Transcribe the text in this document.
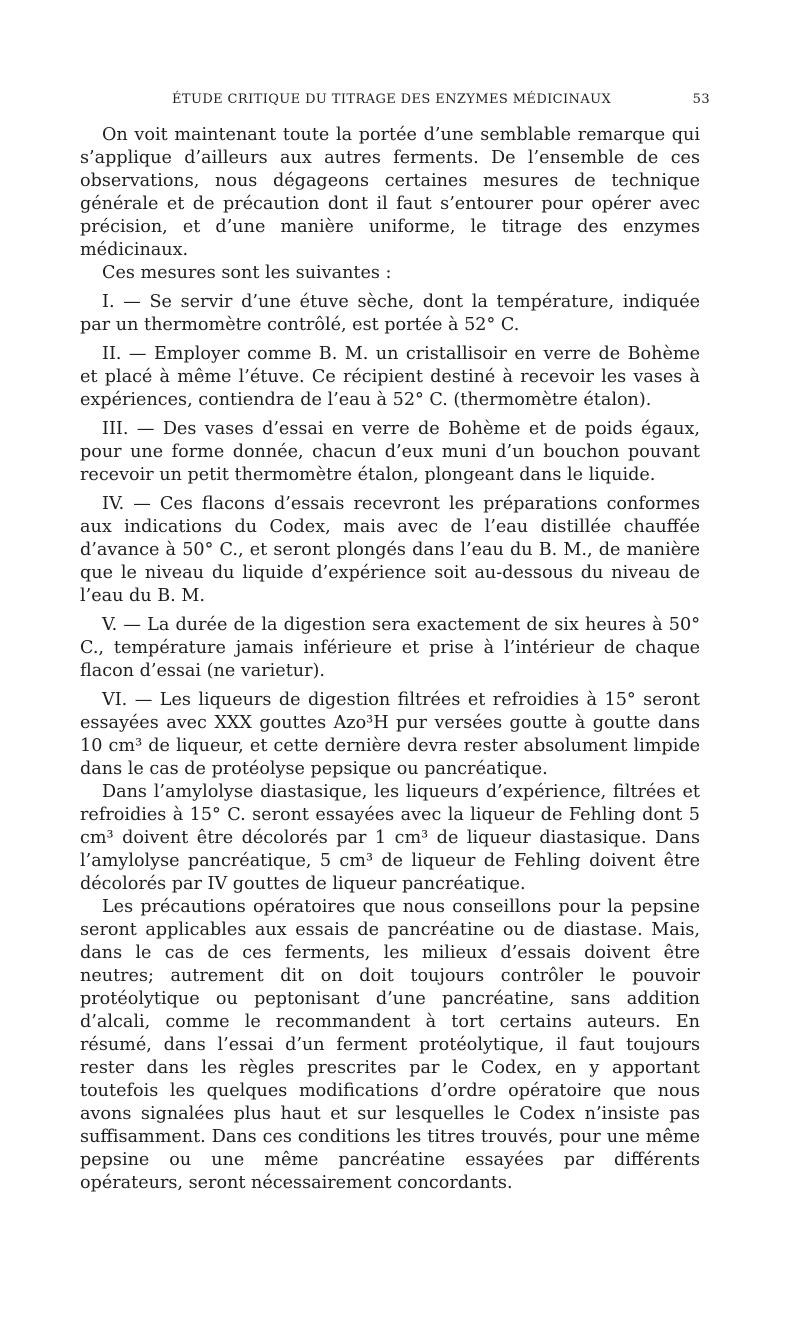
ÉTUDE CRITIQUE DU TITRAGE DES ENZYMES MÉDICINAUX	53

On voit maintenant toute la portée d’une semblable remarque qui s’applique d’ailleurs aux autres ferments. De l’ensemble de ces observations, nous dégageons certaines mesures de technique générale et de précaution dont il faut s’entourer pour opérer avec précision, et d’une manière uniforme, le titrage des enzymes médicinaux.

Ces mesures sont les suivantes :

I. — Se servir d’une étuve sèche, dont la température, indiquée par un thermomètre contrôlé, est portée à 52° C.

II. — Employer comme B. M. un cristallisoir en verre de Bohème et placé à même l’étuve. Ce récipient destiné à recevoir les vases à expériences, contiendra de l’eau à 52° C. (thermomètre étalon).

III. — Des vases d’essai en verre de Bohème et de poids égaux, pour une forme donnée, chacun d’eux muni d’un bouchon pouvant recevoir un petit thermomètre étalon, plongeant dans le liquide.

IV. — Ces flacons d’essais recevront les préparations conformes aux indications du Codex, mais avec de l’eau distillée chauffée d’avance à 50° C., et seront plongés dans l’eau du B. M., de manière que le niveau du liquide d’expérience soit au-dessous du niveau de l’eau du B. M.

V. — La durée de la digestion sera exactement de six heures à 50° C., température jamais inférieure et prise à l’intérieur de chaque flacon d’essai (ne varietur).

VI. — Les liqueurs de digestion filtrées et refroidies à 15° seront essayées avec XXX gouttes Azo³H pur versées goutte à goutte dans 10 cm³ de liqueur, et cette dernière devra rester absolument limpide dans le cas de protéolyse pepsique ou pancréatique.

Dans l’amylolyse diastasique, les liqueurs d’expérience, filtrées et refroidies à 15° C. seront essayées avec la liqueur de Fehling dont 5 cm³ doivent être décolorés par 1 cm³ de liqueur diastasique. Dans l’amylolyse pancréatique, 5 cm³ de liqueur de Fehling doivent être décolorés par IV gouttes de liqueur pancréatique.

Les précautions opératoires que nous conseillons pour la pepsine seront applicables aux essais de pancréatine ou de diastase. Mais, dans le cas de ces ferments, les milieux d’essais doivent être neutres; autrement dit on doit toujours contrôler le pouvoir protéolytique ou peptonisant d’une pancréatine, sans addition d’alcali, comme le recommandent à tort certains auteurs. En résumé, dans l’essai d’un ferment protéolytique, il faut toujours rester dans les règles prescrites par le Codex, en y apportant toutefois les quelques modifications d’ordre opératoire que nous avons signalées plus haut et sur lesquelles le Codex n’insiste pas suffisamment. Dans ces conditions les titres trouvés, pour une même pepsine ou une même pancréatine essayées par différents opérateurs, seront nécessairement concordants.
